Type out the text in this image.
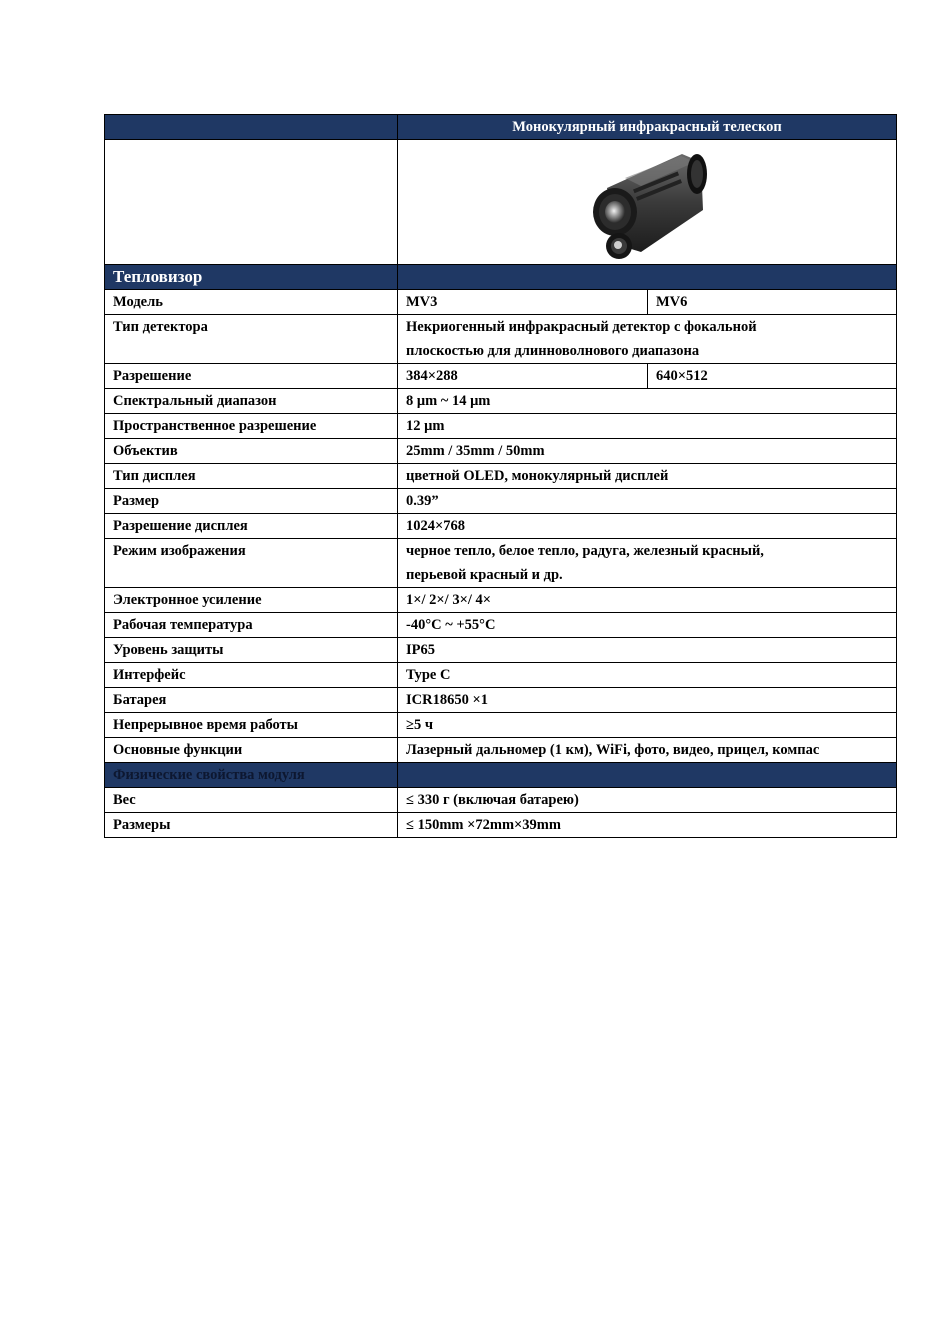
	Монокулярный инфракрасный телескоп	

Тепловизор		
Модель	MV3	MV6
Тип детектора	Некриогенный инфракрасный детектор с фокальной
плоскостью для длинноволнового диапазона	

Разрешение	384×288	640×512
Спектральный диапазон	8 μm ~ 14 μm	
Пространственное разрешение	12 μm	
Объектив	25mm / 35mm / 50mm	
Тип дисплея	цветной OLED, монокулярный дисплей	
Размер	0.39”	
Разрешение дисплея	1024×768	
Режим изображения	черное тепло, белое тепло, радуга, железный красный,
перьевой красный и др.	

Электронное усиление	1×/ 2×/ 3×/ 4×	
Рабочая температура	-40°C ~ +55°C	
Уровень защиты	IP65	
Интерфейс	Type C	
Батарея	ICR18650 ×1	
Непрерывное время работы	≥5 ч	
Основные функции	Лазерный дальномер (1 км), WiFi, фото, видео, прицел, компас	
Физические свойства модуля		
Вес	≤ 330 г (включая батарею)	
Размеры	≤ 150mm ×72mm×39mm	
